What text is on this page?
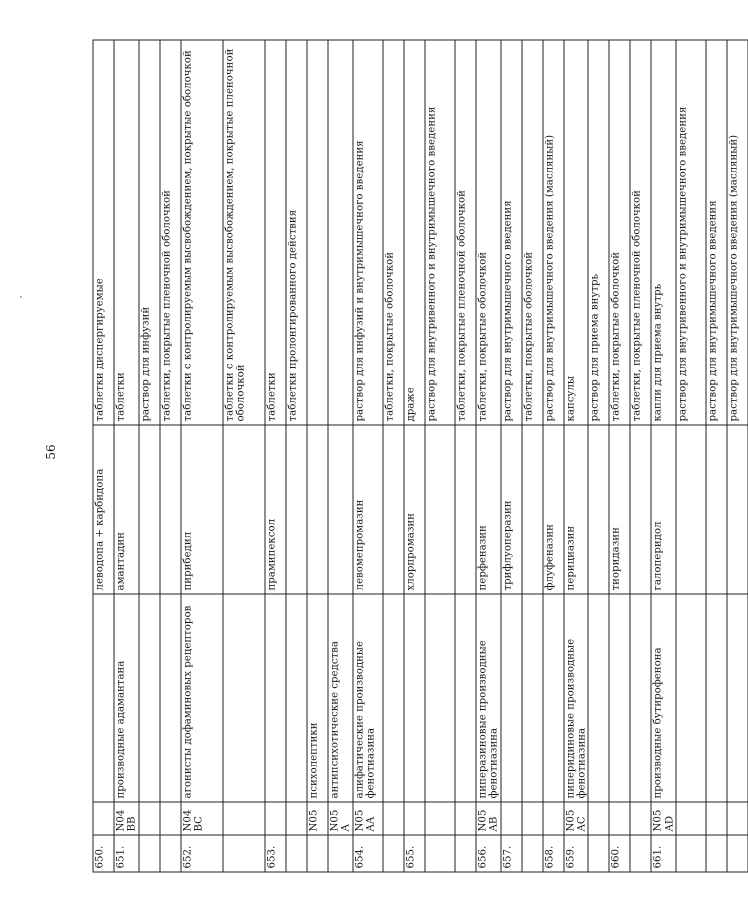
56
650.			леводопа + карбидопа	таблетки диспергируемые
651.	N04BB	производные адамантана	амантадин	таблетки
				раствор для инфузий
				таблетки, покрытые пленочной оболочкой
652.	N04BC	агонисты дофаминовых рецепторов	пирибедил	таблетки с контролируемым высвобождением, покрытые оболочкой
				таблетки с контролируемым высвобождением, покрытые пленочной оболочкой
653.			прамипексол	таблетки
				таблетки пролонгированного действия
	N05	психолептики		
	N05A	антипсихотические средства		
654.	N05AA	алифатические производные фенотиазина	левомепромазин	раствор для инфузий и внутримышечного введения
				таблетки, покрытые оболочкой
655.			хлорпромазин	драже
				раствор для внутривенного и внутримышечного введения
				таблетки, покрытые пленочной оболочкой
656.	N05AB	пиперазиновые производные фенотиазина	перфеназин	таблетки, покрытые оболочкой
657.			трифлуоперазин	раствор для внутримышечного введения
				таблетки, покрытые оболочкой
658.			флуфеназин	раствор для внутримышечного введения (масляный)
659.	N05AC	пиперидиновые производные фенотиазина	перициазин	капсулы
				раствор для приема внутрь
660.			тиоридазин	таблетки, покрытые оболочкой
				таблетки, покрытые пленочной оболочкой
661.	N05AD	производные бутирофенона	галоперидол	капли для приема внутрь
				раствор для внутривенного и внутримышечного введения
				раствор для внутримышечного введения
				раствор для внутримышечного введения (масляный)
